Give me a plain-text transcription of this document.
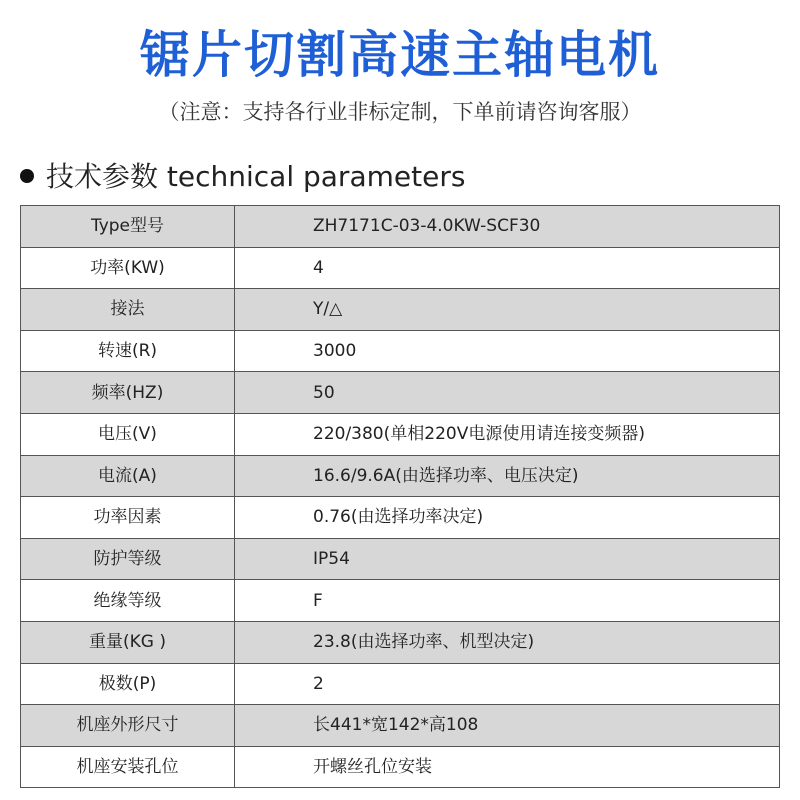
锯片切割高速主轴电机
（注意：支持各行业非标定制，下单前请咨询客服）
技术参数 technical parameters
Type型号	ZH7171C-03-4.0KW-SCF30
功率(KW)	4
接法	Y/△
转速(R)	3000
频率(HZ)	50
电压(V)	220/380(单相220V电源使用请连接变频器)
电流(A)	16.6/9.6A(由选择功率、电压决定)
功率因素	0.76(由选择功率决定)
防护等级	IP54
绝缘等级	F
重量(KG )	23.8(由选择功率、机型决定)
极数(P)	2
机座外形尺寸	长441*宽142*高108
机座安装孔位	开螺丝孔位安装
